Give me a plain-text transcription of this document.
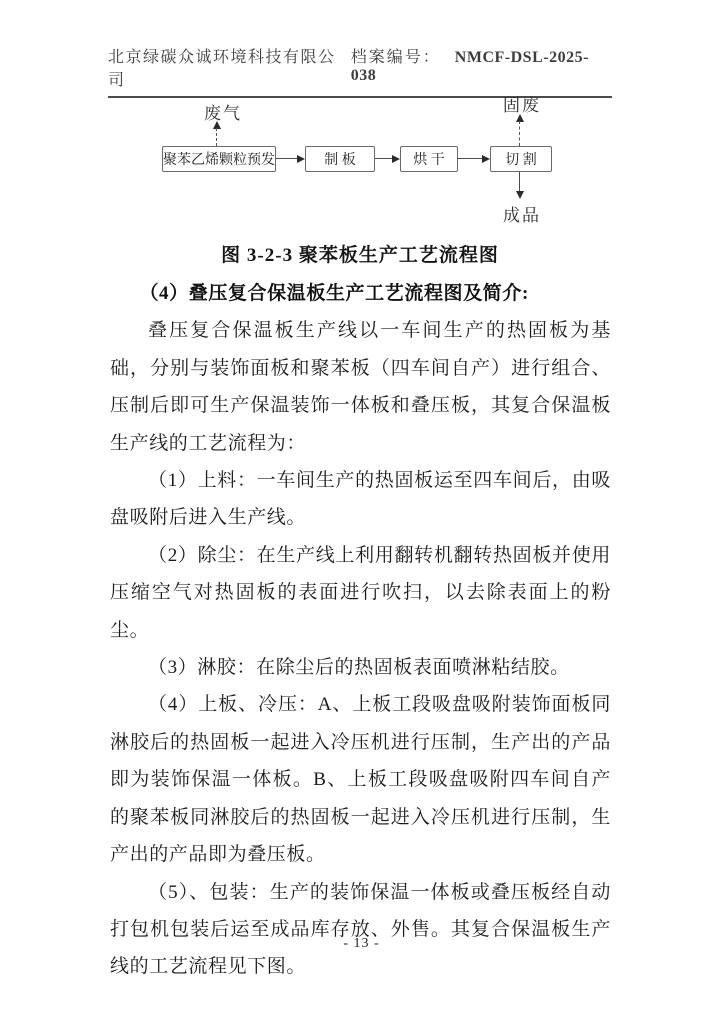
北京绿碳众诚环境科技有限公司
档案编号： NMCF-DSL-2025-038
废气
聚苯乙烯颗粒预发	制 板	烘 干	切 割
固废
成品
图 3-2-3 聚苯板生产工艺流程图
（4）叠压复合保温板生产工艺流程图及简介:

叠压复合保温板生产线以一车间生产的热固板为基础，分别与装饰面板和聚苯板（四车间自产）进行组合、压制后即可生产保温装饰一体板和叠压板，其复合保温板生产线的工艺流程为：

（1）上料：一车间生产的热固板运至四车间后，由吸盘吸附后进入生产线。

（2）除尘：在生产线上利用翻转机翻转热固板并使用压缩空气对热固板的表面进行吹扫，以去除表面上的粉尘。

（3）淋胶：在除尘后的热固板表面喷淋粘结胶。

（4）上板、冷压：A、上板工段吸盘吸附装饰面板同淋胶后的热固板一起进入冷压机进行压制，生产出的产品即为装饰保温一体板。B、上板工段吸盘吸附四车间自产的聚苯板同淋胶后的热固板一起进入冷压机进行压制，生产出的产品即为叠压板。

（5）、包装：生产的装饰保温一体板或叠压板经自动打包机包装后运至成品库存放、外售。其复合保温板生产线的工艺流程见下图。

- 13 -
